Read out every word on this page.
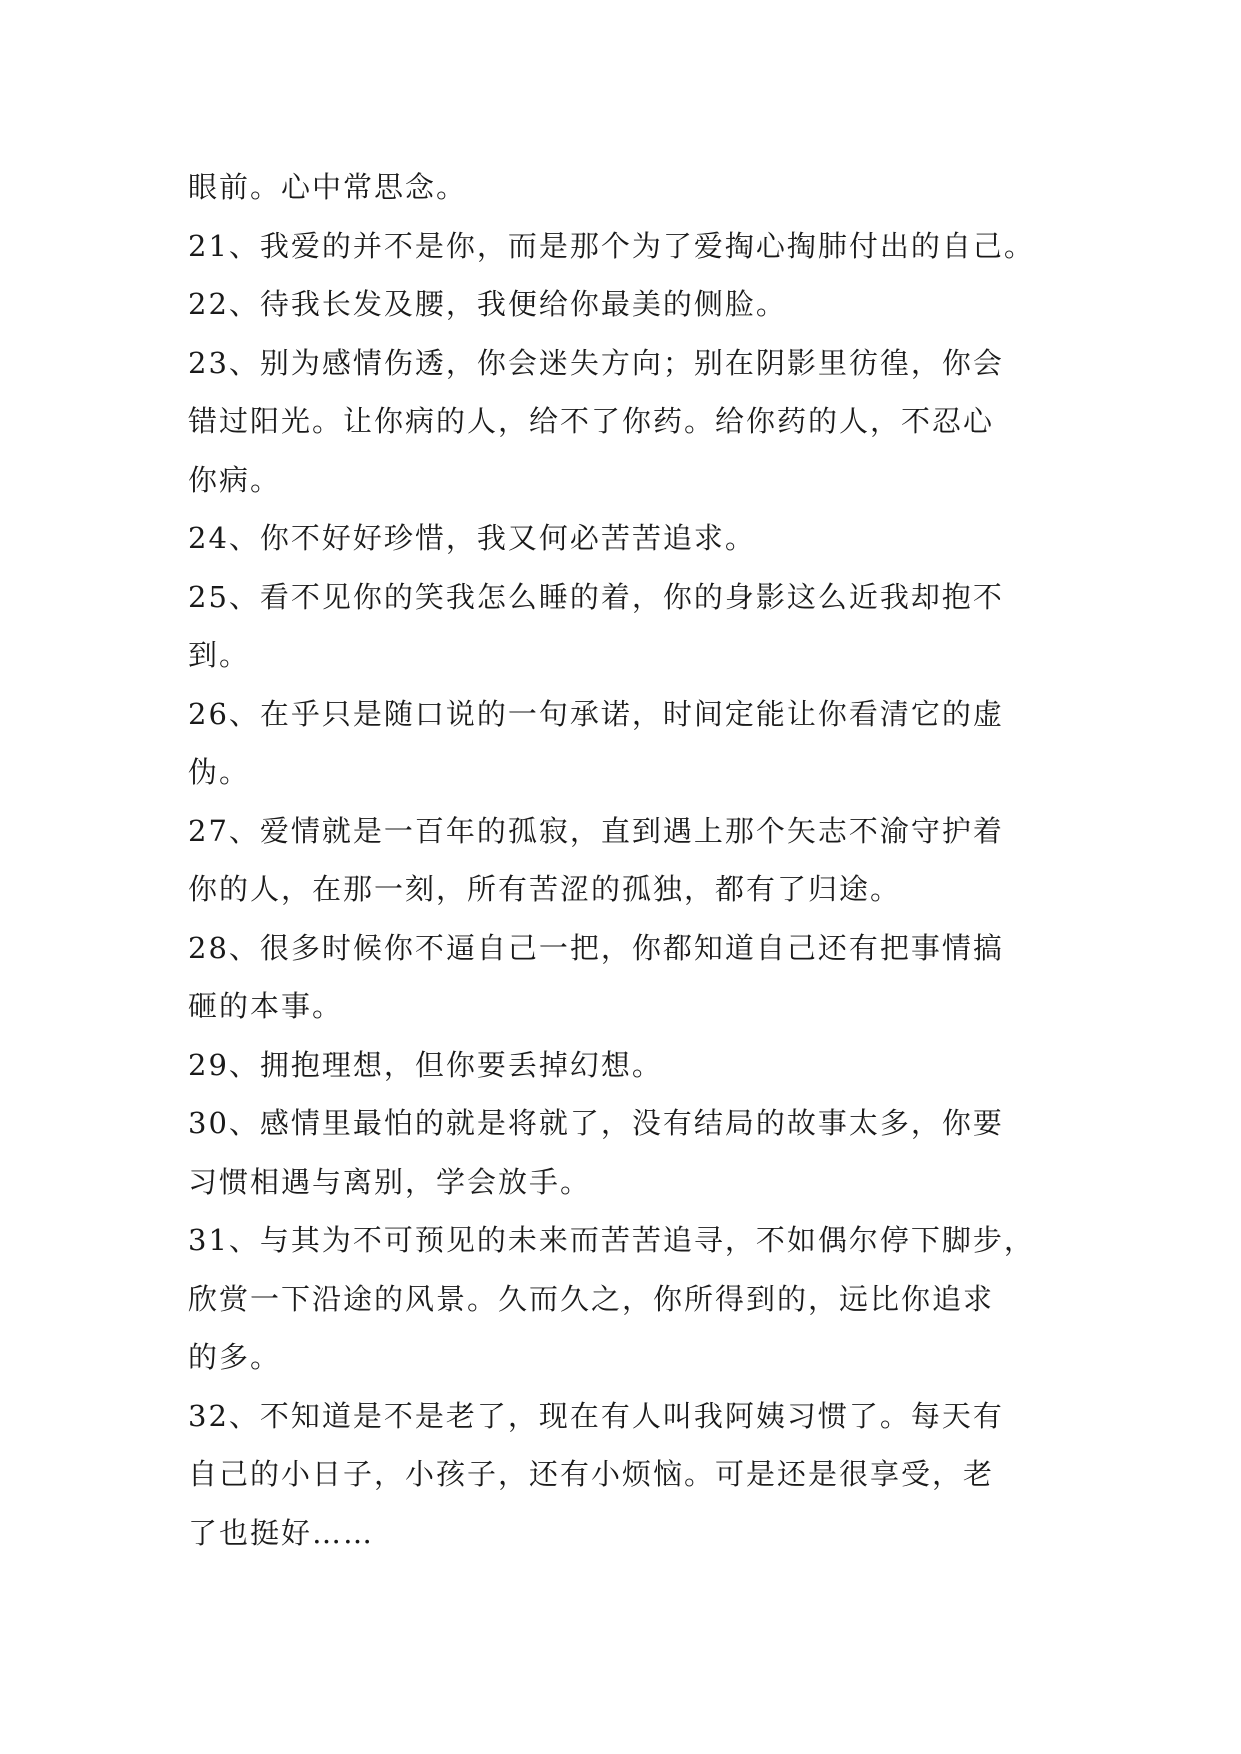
眼前。心中常思念。
21、我爱的并不是你，而是那个为了爱掏心掏肺付出的自己。
22、待我长发及腰，我便给你最美的侧脸。
23、别为感情伤透，你会迷失方向；别在阴影里彷徨，你会
错过阳光。让你病的人，给不了你药。给你药的人，不忍心
你病。
24、你不好好珍惜，我又何必苦苦追求。
25、看不见你的笑我怎么睡的着，你的身影这么近我却抱不
到。
26、在乎只是随口说的一句承诺，时间定能让你看清它的虚
伪。
27、爱情就是一百年的孤寂，直到遇上那个矢志不渝守护着
你的人，在那一刻，所有苦涩的孤独，都有了归途。
28、很多时候你不逼自己一把，你都知道自己还有把事情搞
砸的本事。
29、拥抱理想，但你要丢掉幻想。
30、感情里最怕的就是将就了，没有结局的故事太多，你要
习惯相遇与离别，学会放手。
31、与其为不可预见的未来而苦苦追寻，不如偶尔停下脚步，
欣赏一下沿途的风景。久而久之，你所得到的，远比你追求
的多。
32、不知道是不是老了，现在有人叫我阿姨习惯了。每天有
自己的小日子，小孩子，还有小烦恼。可是还是很享受，老
了也挺好……
